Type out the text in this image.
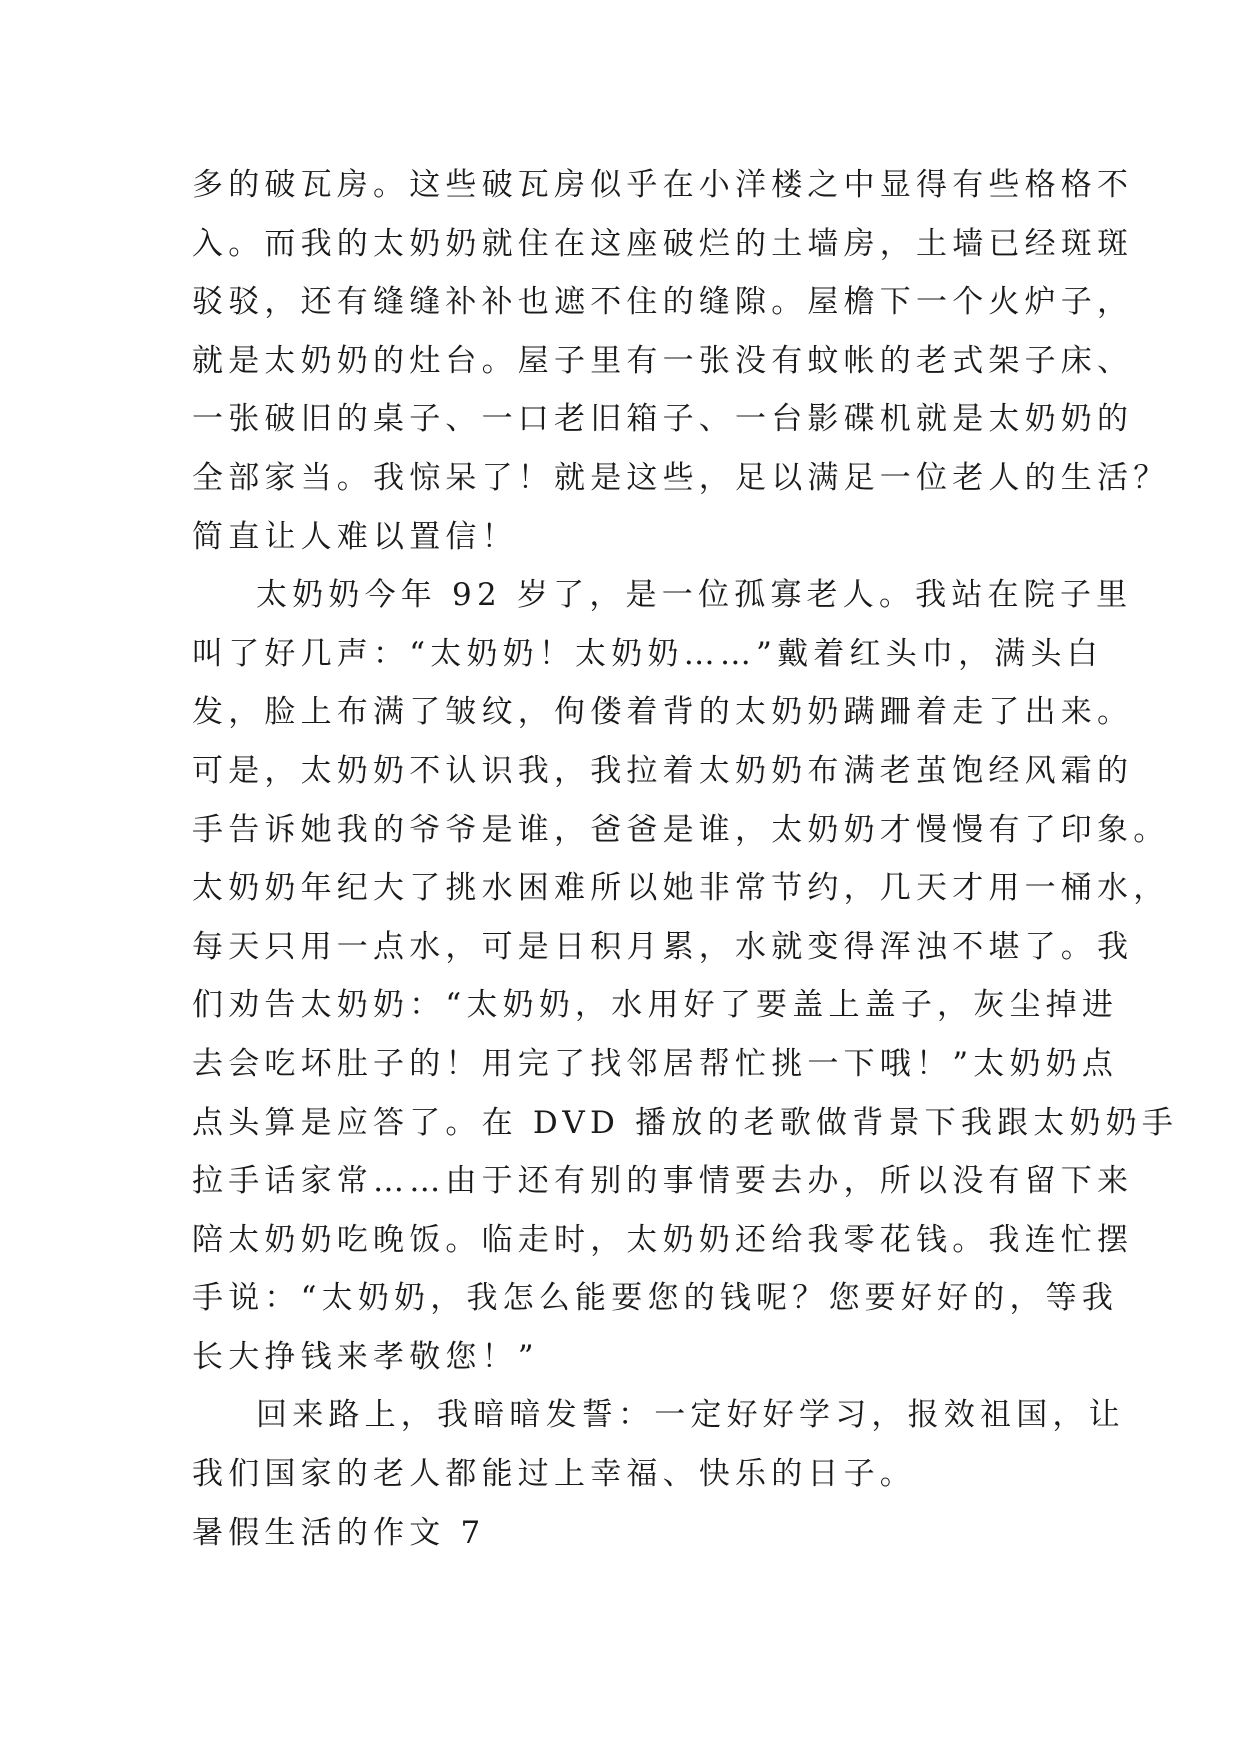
多的破瓦房。这些破瓦房似乎在小洋楼之中显得有些格格不
入。而我的太奶奶就住在这座破烂的土墙房，土墙已经斑斑
驳驳，还有缝缝补补也遮不住的缝隙。屋檐下一个火炉子，
就是太奶奶的灶台。屋子里有一张没有蚊帐的老式架子床、
一张破旧的桌子、一口老旧箱子、一台影碟机就是太奶奶的
全部家当。我惊呆了！就是这些，足以满足一位老人的生活？
简直让人难以置信！
太奶奶今年 92 岁了，是一位孤寡老人。我站在院子里
叫了好几声：“太奶奶！太奶奶……”戴着红头巾，满头白
发，脸上布满了皱纹，佝偻着背的太奶奶蹒跚着走了出来。
可是，太奶奶不认识我，我拉着太奶奶布满老茧饱经风霜的
手告诉她我的爷爷是谁，爸爸是谁，太奶奶才慢慢有了印象。
太奶奶年纪大了挑水困难所以她非常节约，几天才用一桶水，
每天只用一点水，可是日积月累，水就变得浑浊不堪了。我
们劝告太奶奶：“太奶奶，水用好了要盖上盖子，灰尘掉进
去会吃坏肚子的！用完了找邻居帮忙挑一下哦！”太奶奶点
点头算是应答了。在 DVD 播放的老歌做背景下我跟太奶奶手
拉手话家常……由于还有别的事情要去办，所以没有留下来
陪太奶奶吃晚饭。临走时，太奶奶还给我零花钱。我连忙摆
手说：“太奶奶，我怎么能要您的钱呢？您要好好的，等我
长大挣钱来孝敬您！”
回来路上，我暗暗发誓：一定好好学习，报效祖国，让
我们国家的老人都能过上幸福、快乐的日子。
暑假生活的作文 7
